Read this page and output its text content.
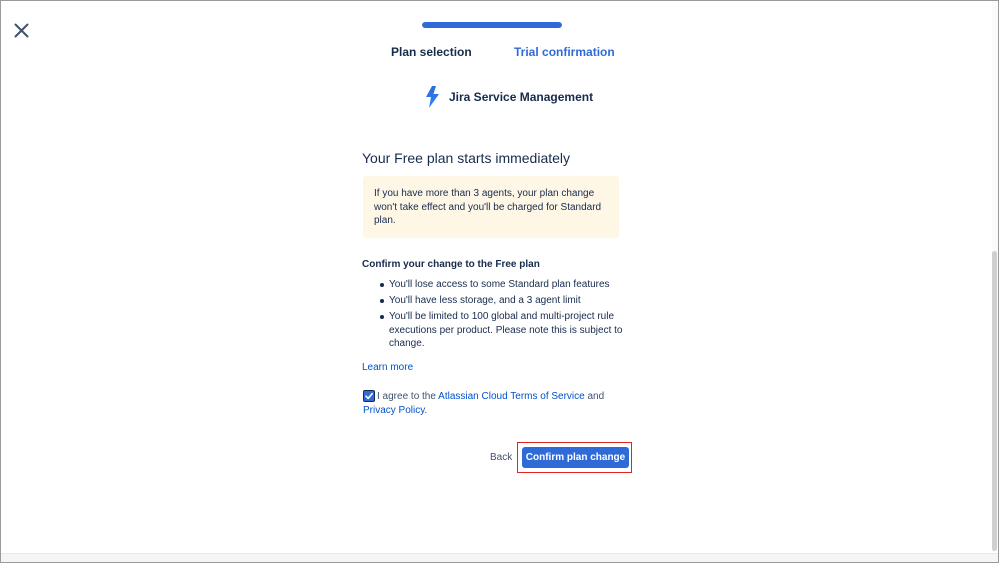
Plan selection	Trial confirmation
Jira Service Management
Your Free plan starts immediately
If you have more than 3 agents, your plan change won't take effect and you'll be charged for Standard plan.
Confirm your change to the Free plan
You'll lose access to some Standard plan features
You'll have less storage, and a 3 agent limit
You'll be limited to 100 global and multi-project rule executions per product. Please note this is subject to change.
Learn more
I agree to the Atlassian Cloud Terms of Service and Privacy Policy.
Back	Confirm plan change
